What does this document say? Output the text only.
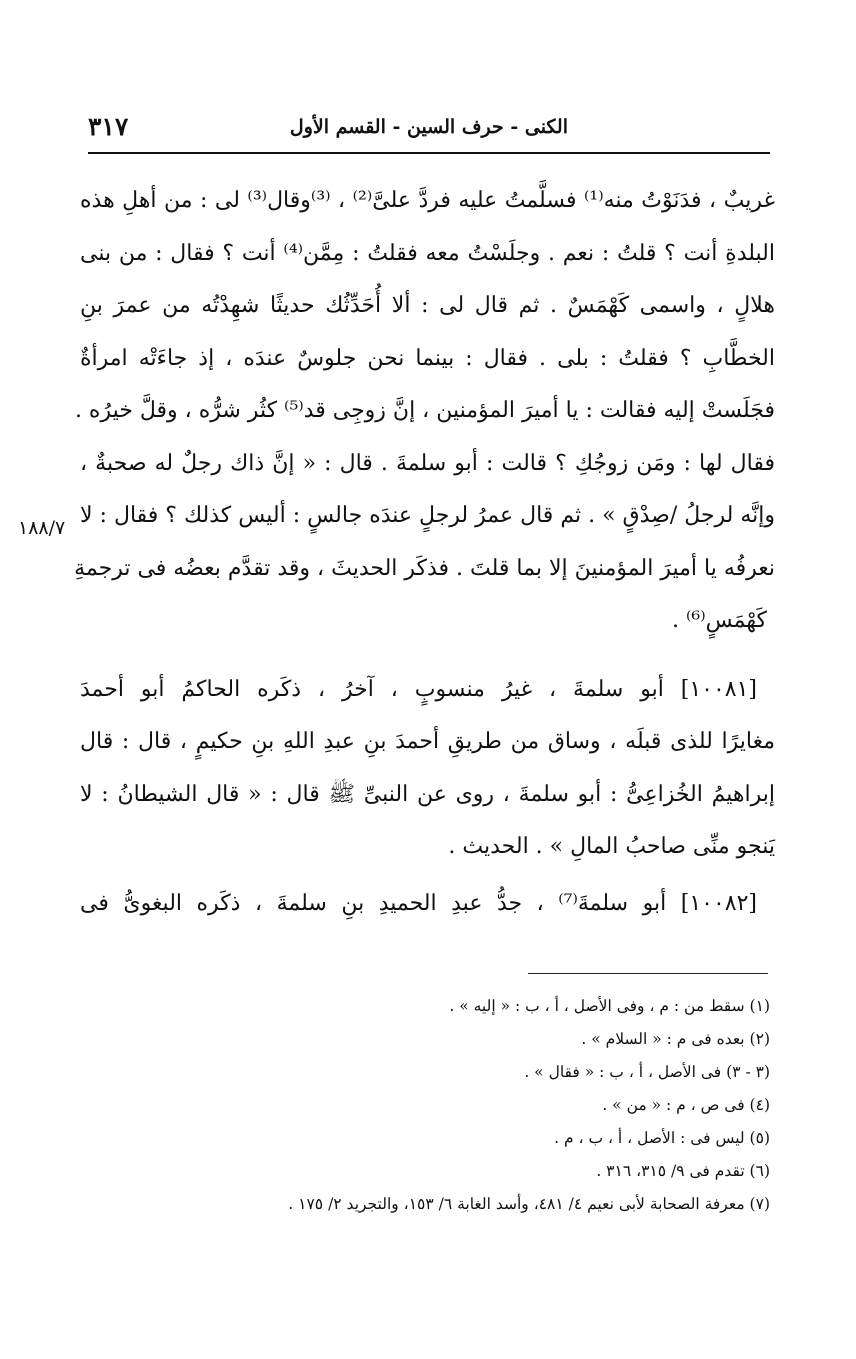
٣١٧	الكنى - حرف السين - القسم الأول
١٨٨/٧
غريبٌ ، فدَنَوْتُ منه⁽¹⁾ فسلَّمتُ عليه فردَّ علىَّ⁽²⁾ ، ⁽³⁾وقال⁽³⁾ لى : من أهلِ هذه
البلدةِ أنت ؟ قلتُ : نعم . وجلَسْتُ معه فقلتُ : مِمَّن⁽⁴⁾ أنت ؟ فقال : من بنى
هلالٍ ، واسمى كَهْمَسٌ . ثم قال لى : ألا أُحَدِّثُك حديثًا شهِدْتُه من عمرَ بنِ
الخطَّابِ ؟ فقلتُ : بلى . فقال : بينما نحن جلوسٌ عندَه ، إذ جاءَتْه امرأةٌ
فجَلَستْ إليه فقالت : يا أميرَ المؤمنين ، إنَّ زوجِى قد⁽⁵⁾ كثُر شرُّه ، وقلَّ خيرُه .
فقال لها : ومَن زوجُكِ ؟ قالت : أبو سلمةَ . قال : « إنَّ ذاك رجلٌ له صحبةٌ ،
وإنَّه لرجلُ /صِدْقٍ » . ثم قال عمرُ لرجلٍ عندَه جالسٍ : أليس كذلك ؟ فقال : لا
نعرفُه يا أميرَ المؤمنينَ إلا بما قلتَ . فذكَر الحديثَ ، وقد تقدَّم بعضُه فى ترجمةِ
كَهْمَسٍ⁽⁶⁾ .
[١٠٠٨١] أبو سلمةَ ، غيرُ منسوبٍ ، آخرُ ، ذكَره الحاكمُ أبو أحمدَ
مغايرًا للذى قبلَه ، وساق من طريقِ أحمدَ بنِ عبدِ اللهِ بنِ حكيمٍ ، قال : قال
إبراهيمُ الخُزاعِىُّ : أبو سلمةَ ، روى عن النبىِّ ﷺ قال : « قال الشيطانُ : لا
يَنجو منِّى صاحبُ المالِ » . الحديث .
[١٠٠٨٢] أبو سلمةَ⁽⁷⁾ ، جدُّ عبدِ الحميدِ بنِ سلمةَ ، ذكَره البغوىُّ فى
(١) سقط من : م ، وفى الأصل ، أ ، ب : « إليه » .
(٢) بعده فى م : « السلام » .
(٣ - ٣) فى الأصل ، أ ، ب : « فقال » .
(٤) فى ص ، م : « من » .
(٥) ليس فى : الأصل ، أ ، ب ، م .
(٦) تقدم فى ٩/ ٣١٥، ٣١٦ .
(٧) معرفة الصحابة لأبى نعيم ٤/ ٤٨١، وأسد الغابة ٦/ ١٥٣، والتجريد ٢/ ١٧٥ .
